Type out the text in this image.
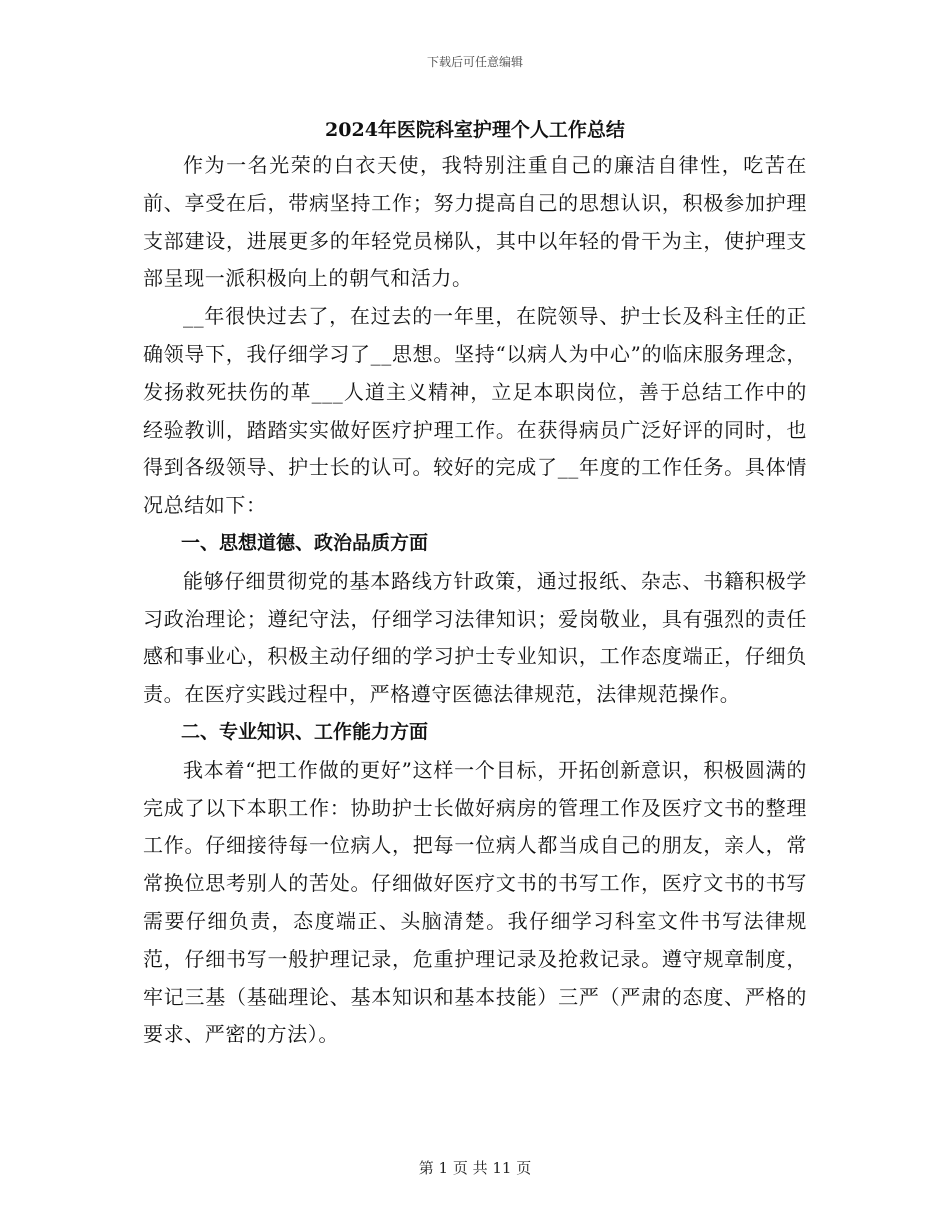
下载后可任意编辑
2024年医院科室护理个人工作总结

作为一名光荣的白衣天使，我特别注重自己的廉洁自律性，吃苦在前、享受在后，带病坚持工作；努力提高自己的思想认识，积极参加护理支部建设，进展更多的年轻党员梯队，其中以年轻的骨干为主，使护理支部呈现一派积极向上的朝气和活力。

__年很快过去了，在过去的一年里，在院领导、护士长及科主任的正确领导下，我仔细学习了__思想。坚持“以病人为中心”的临床服务理念，发扬救死扶伤的革___人道主义精神，立足本职岗位，善于总结工作中的经验教训，踏踏实实做好医疗护理工作。在获得病员广泛好评的同时，也得到各级领导、护士长的认可。较好的完成了__年度的工作任务。具体情况总结如下：

一、思想道德、政治品质方面

能够仔细贯彻党的基本路线方针政策，通过报纸、杂志、书籍积极学习政治理论；遵纪守法，仔细学习法律知识；爱岗敬业，具有强烈的责任感和事业心，积极主动仔细的学习护士专业知识，工作态度端正，仔细负责。在医疗实践过程中，严格遵守医德法律规范，法律规范操作。

二、专业知识、工作能力方面

我本着“把工作做的更好”这样一个目标，开拓创新意识，积极圆满的完成了以下本职工作：协助护士长做好病房的管理工作及医疗文书的整理工作。仔细接待每一位病人，把每一位病人都当成自己的朋友，亲人，常常换位思考别人的苦处。仔细做好医疗文书的书写工作，医疗文书的书写需要仔细负责，态度端正、头脑清楚。我仔细学习科室文件书写法律规范，仔细书写一般护理记录，危重护理记录及抢救记录。遵守规章制度，牢记三基（基础理论、基本知识和基本技能）三严（严肃的态度、严格的要求、严密的方法）。

第 1 页 共 11 页
